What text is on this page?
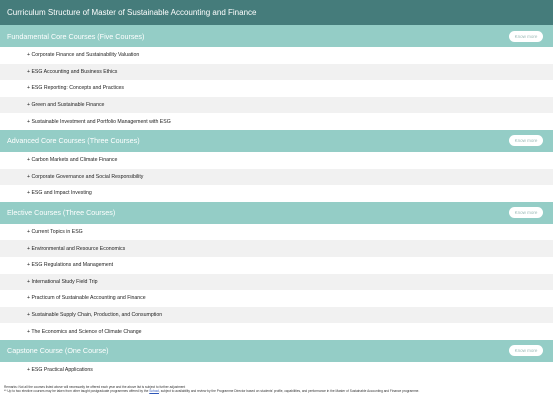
Curriculum Structure of Master of Sustainable Accounting and Finance
Fundamental Core Courses (Five Courses)	Know more
+ Corporate Finance and Sustainability Valuation
+ ESG Accounting and Business Ethics
+ ESG Reporting: Concepts and Practices
+ Green and Sustainable Finance
+ Sustainable Investment and Portfolio Management with ESG
Advanced Core Courses (Three Courses)	Know more
+ Carbon Markets and Climate Finance
+ Corporate Governance and Social Responsibility
+ ESG and Impact Investing
Elective Courses (Three Courses)	Know more
+ Current Topics in ESG
+ Environmental and Resource Economics
+ ESG Regulations and Management
+ International Study Field Trip
+ Practicum of Sustainable Accounting and Finance
+ Sustainable Supply Chain, Production, and Consumption
+ The Economics and Science of Climate Change
Capstone Course (One Course)	Know more
+ ESG Practical Applications
Remarks: Not all the courses listed above will necessarily be offered each year and the above list is subject to further adjustment
** Up to two elective courses may be taken from other taught postgraduate programmes offered by the School, subject to availability and review by the Programme Director based on students' profile, capabilities, and performance in the Master of Sustainable Accounting and Finance programme.
